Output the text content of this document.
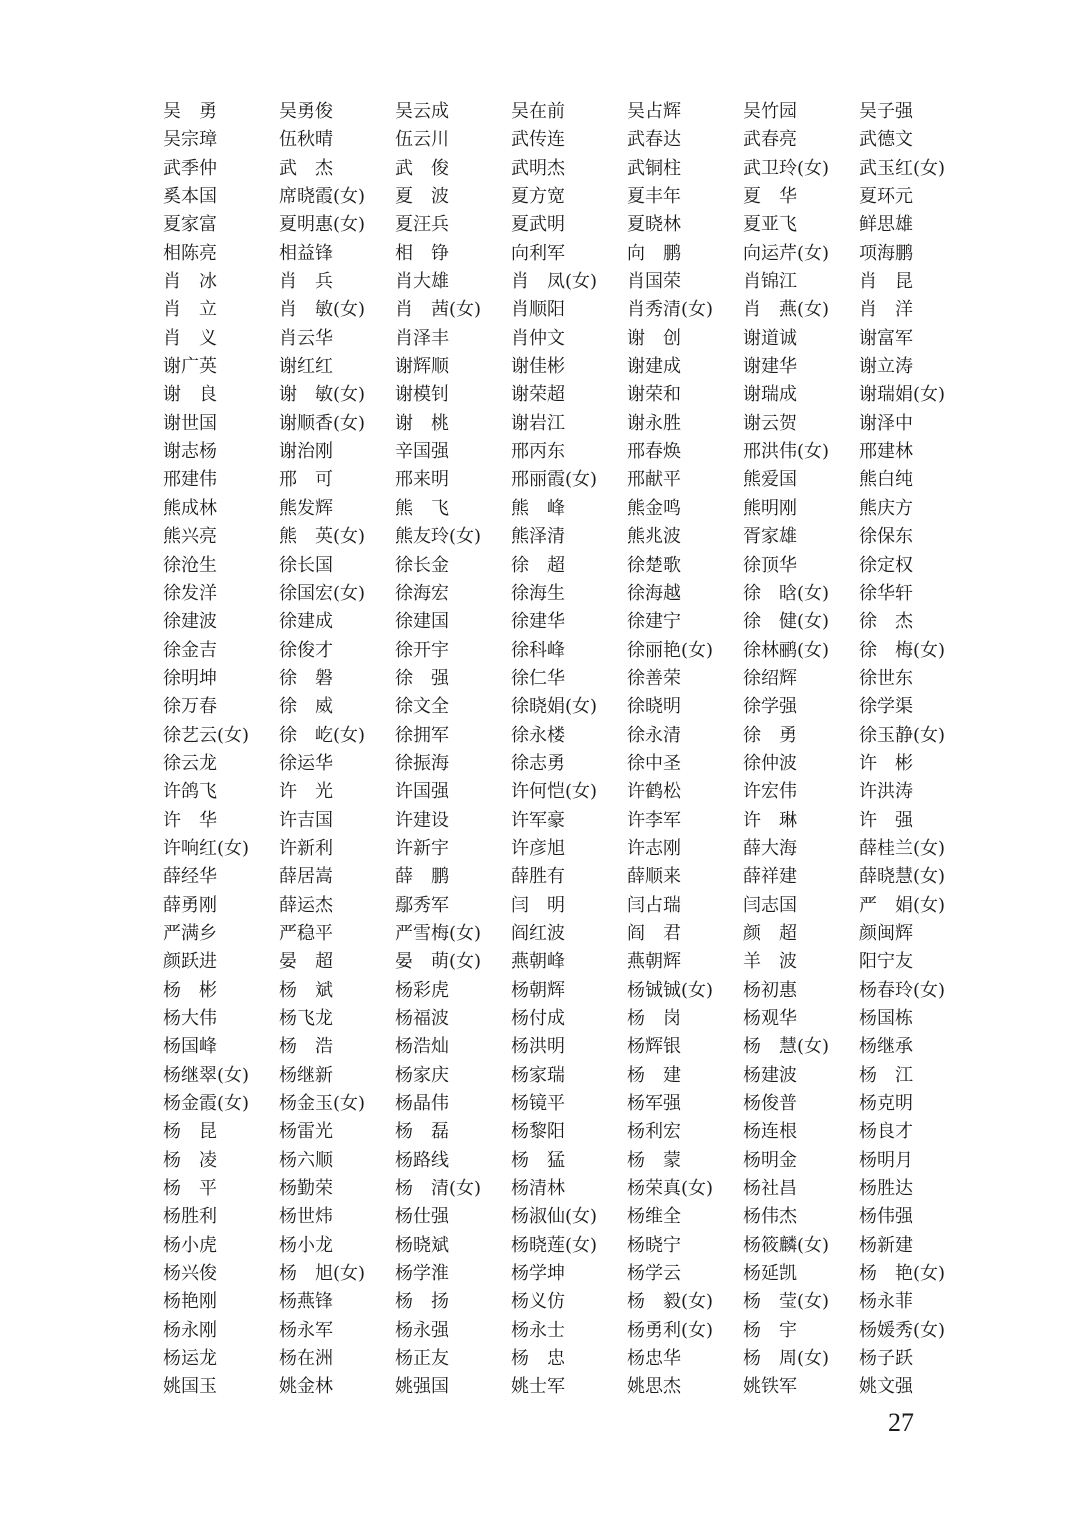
吴　勇	吴勇俊	吴云成	吴在前	吴占辉	吴竹园	吴子强
吴宗璋	伍秋晴	伍云川	武传连	武春达	武春亮	武德文
武季仲	武　杰	武　俊	武明杰	武铜柱	武卫玲(女)	武玉红(女)
奚本国	席晓霞(女)	夏　波	夏方宽	夏丰年	夏　华	夏环元
夏家富	夏明惠(女)	夏汪兵	夏武明	夏晓林	夏亚飞	鲜思雄
相陈亮	相益锋	相　铮	向利军	向　鹏	向运芹(女)	项海鹏
肖　冰	肖　兵	肖大雄	肖　凤(女)	肖国荣	肖锦江	肖　昆
肖　立	肖　敏(女)	肖　茜(女)	肖顺阳	肖秀清(女)	肖　燕(女)	肖　洋
肖　义	肖云华	肖泽丰	肖仲文	谢　创	谢道诚	谢富军
谢广英	谢红红	谢辉顺	谢佳彬	谢建成	谢建华	谢立涛
谢　良	谢　敏(女)	谢模钊	谢荣超	谢荣和	谢瑞成	谢瑞娟(女)
谢世国	谢顺香(女)	谢　桃	谢岩江	谢永胜	谢云贺	谢泽中
谢志杨	谢治刚	辛国强	邢丙东	邢春焕	邢洪伟(女)	邢建林
邢建伟	邢　可	邢来明	邢丽霞(女)	邢献平	熊爱国	熊白纯
熊成林	熊发辉	熊　飞	熊　峰	熊金鸣	熊明刚	熊庆方
熊兴亮	熊　英(女)	熊友玲(女)	熊泽清	熊兆波	胥家雄	徐保东
徐沧生	徐长国	徐长金	徐　超	徐楚歌	徐顶华	徐定权
徐发洋	徐国宏(女)	徐海宏	徐海生	徐海越	徐　晗(女)	徐华轩
徐建波	徐建成	徐建国	徐建华	徐建宁	徐　健(女)	徐　杰
徐金吉	徐俊才	徐开宇	徐科峰	徐丽艳(女)	徐林鹂(女)	徐　梅(女)
徐明坤	徐　磐	徐　强	徐仁华	徐善荣	徐绍辉	徐世东
徐万春	徐　威	徐文全	徐晓娟(女)	徐晓明	徐学强	徐学渠
徐艺云(女)	徐　屹(女)	徐拥军	徐永楼	徐永清	徐　勇	徐玉静(女)
徐云龙	徐运华	徐振海	徐志勇	徐中圣	徐仲波	许　彬
许鸽飞	许　光	许国强	许何恺(女)	许鹤松	许宏伟	许洪涛
许　华	许吉国	许建设	许军豪	许李军	许　琳	许　强
许响红(女)	许新利	许新宇	许彦旭	许志刚	薛大海	薛桂兰(女)
薛经华	薛居嵩	薛　鹏	薛胜有	薛顺来	薛祥建	薛晓慧(女)
薛勇刚	薛运杰	鄢秀军	闫　明	闫占瑞	闫志国	严　娟(女)
严满乡	严稳平	严雪梅(女)	阎红波	阎　君	颜　超	颜闽辉
颜跃进	晏　超	晏　萌(女)	燕朝峰	燕朝辉	羊　波	阳宁友
杨　彬	杨　斌	杨彩虎	杨朝辉	杨铖铖(女)	杨初惠	杨春玲(女)
杨大伟	杨飞龙	杨福波	杨付成	杨　岗	杨观华	杨国栋
杨国峰	杨　浩	杨浩灿	杨洪明	杨辉银	杨　慧(女)	杨继承
杨继翠(女)	杨继新	杨家庆	杨家瑞	杨　建	杨建波	杨　江
杨金霞(女)	杨金玉(女)	杨晶伟	杨镜平	杨军强	杨俊普	杨克明
杨　昆	杨雷光	杨　磊	杨黎阳	杨利宏	杨连根	杨良才
杨　凌	杨六顺	杨路线	杨　猛	杨　蒙	杨明金	杨明月
杨　平	杨勤荣	杨　清(女)	杨清林	杨荣真(女)	杨社昌	杨胜达
杨胜利	杨世炜	杨仕强	杨淑仙(女)	杨维全	杨伟杰	杨伟强
杨小虎	杨小龙	杨晓斌	杨晓莲(女)	杨晓宁	杨筱麟(女)	杨新建
杨兴俊	杨　旭(女)	杨学淮	杨学坤	杨学云	杨延凯	杨　艳(女)
杨艳刚	杨燕锋	杨　扬	杨义仿	杨　毅(女)	杨　莹(女)	杨永菲
杨永刚	杨永军	杨永强	杨永士	杨勇利(女)	杨　宇	杨媛秀(女)
杨运龙	杨在洲	杨正友	杨　忠	杨忠华	杨　周(女)	杨子跃
姚国玉	姚金林	姚强国	姚士军	姚思杰	姚铁军	姚文强
27
